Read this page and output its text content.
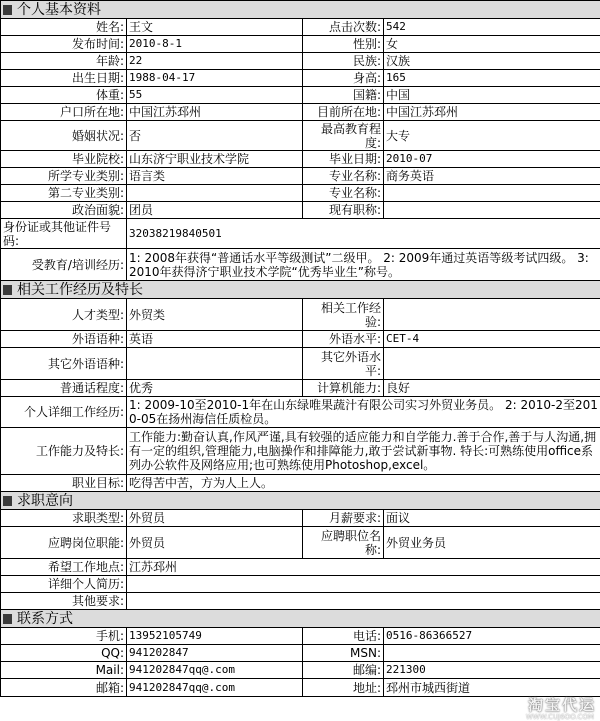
个人基本资料			
姓名:	王文	点击次数:	542
发布时间:	2010-8-1	性别:	女
年龄:	22	民族:	汉族
出生日期:	1988-04-17	身高:	165
体重:	55	国籍:	中国
户口所在地:	中国江苏邳州	目前所在地:	中国江苏邳州
婚姻状况:	否	最高教育程度:	大专
毕业院校:	山东济宁职业技术学院	毕业日期:	2010-07
所学专业类别:	语言类	专业名称:	商务英语
第二专业类别:		专业名称:	
政治面貌:	团员	现有职称:	
身份证或其他证件号码:	32038219840501		
受教育/培训经历:	1: 2008年获得“普通话水平等级测试”二级甲。 2: 2009年通过英语等级考试四级。 3: 2010年获得济宁职业技术学院“优秀毕业生”称号。		
相关工作经历及特长			
人才类型:	外贸类	相关工作经验:	
外语语种:	英语	外语水平:	CET-4
其它外语语种:		其它外语水平:	
普通话程度:	优秀	计算机能力:	良好
个人详细工作经历:	1: 2009-10至2010-1年在山东绿唯果蔬汁有限公司实习外贸业务员。 2: 2010-2至2010-05在扬州海信任质检员。		
工作能力及特长:	工作能力:勤奋认真,作风严谨,具有较强的适应能力和自学能力.善于合作,善于与人沟通,拥有一定的组织,管理能力,电脑操作和排障能力,敢于尝试新事物. 特长:可熟练使用office系列办公软件及网络应用;也可熟练使用Photoshop,excel。		
职业目标:	吃得苦中苦，方为人上人。		
求职意向			
求职类型:	外贸员	月薪要求:	面议
应聘岗位职能:	外贸员	应聘职位名称:	外贸业务员
希望工作地点:	江苏邳州		
详细个人简历:			
其他要求:			
联系方式			
手机:	13952105749	电话:	0516-86366527
QQ:	941202847	MSN:	
Mail:	941202847qq@.com	邮编:	221300
邮箱:	941202847qq@.com	地址:	邳州市城西街道
淘宝代运
WWW.CUJ6OO.COM
